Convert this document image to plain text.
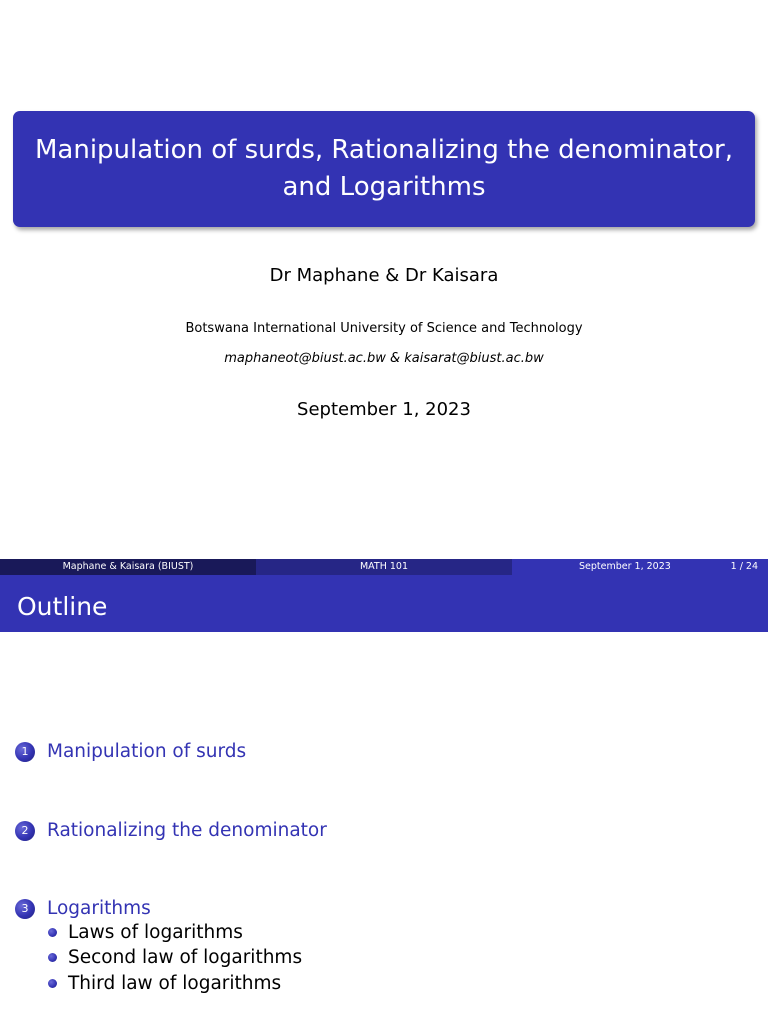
Manipulation of surds, Rationalizing the denominator,
and Logarithms
Dr Maphane & Dr Kaisara
Botswana International University of Science and Technology
maphaneot@biust.ac.bw & kaisarat@biust.ac.bw
September 1, 2023
Maphane & Kaisara (BIUST)	MATH 101	September 1, 2023	1 / 24
Outline
1	Manipulation of surds
2	Rationalizing the denominator
3	Logarithms
Laws of logarithms
Second law of logarithms
Third law of logarithms
